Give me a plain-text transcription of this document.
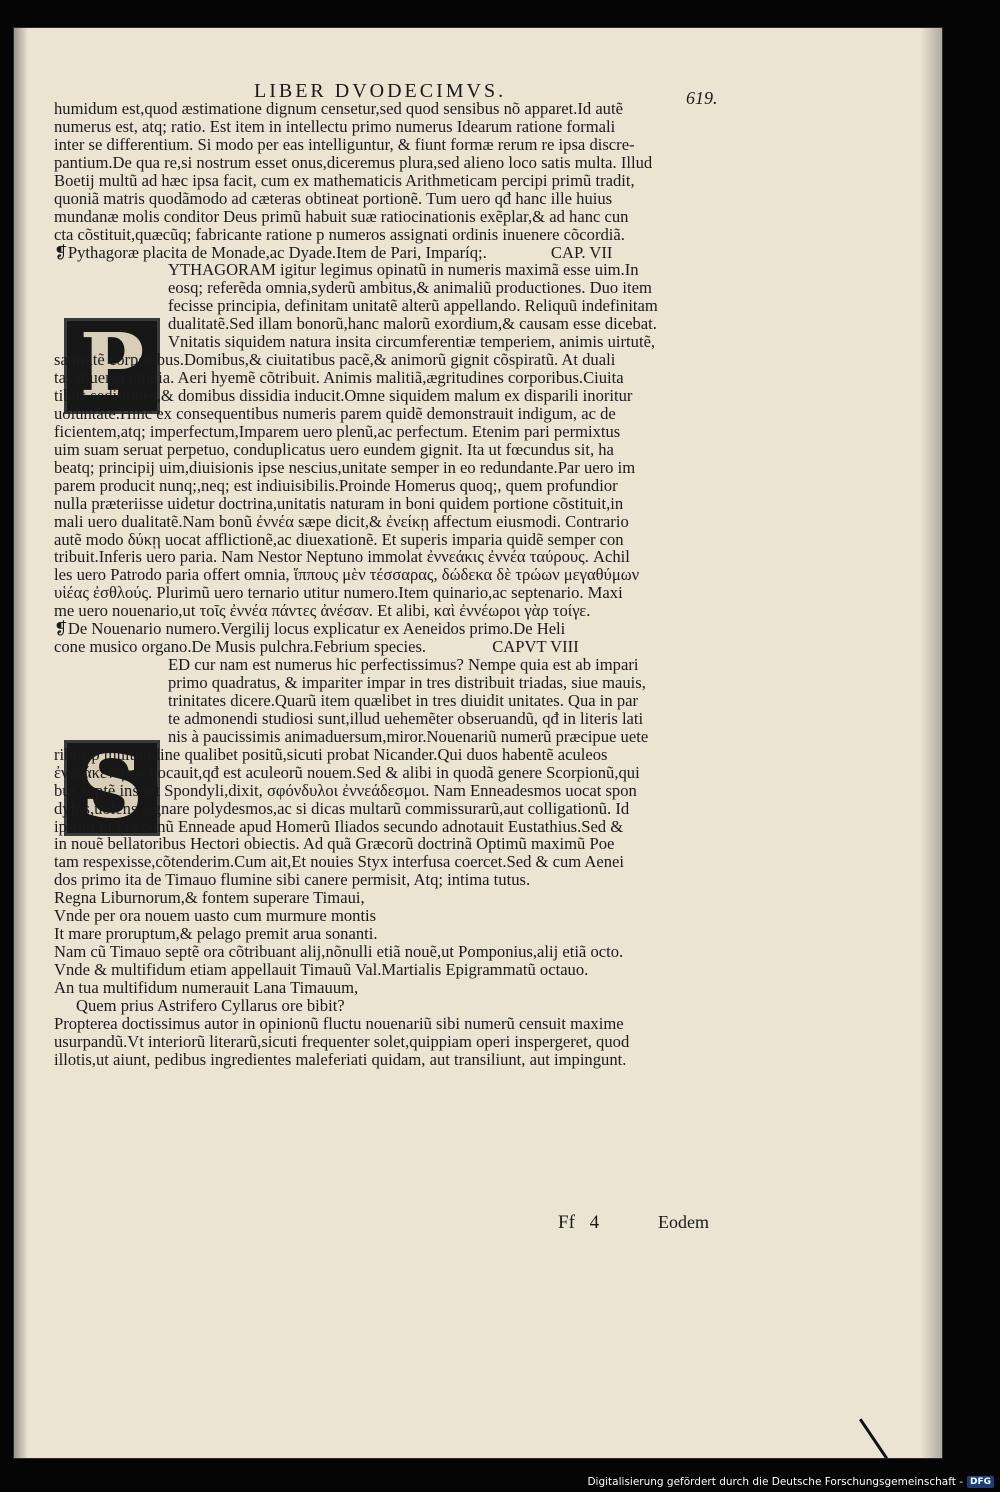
LIBER DVODECIMVS.	619.
P
S
humidum est,quod æstimatione dignum censetur,sed quod sensibus nõ apparet.Id autẽ
numerus est, atq; ratio. Est item in intellectu primo numerus Idearum ratione formali
inter se differentium. Si modo per eas intelliguntur, & fiunt formæ rerum re ipsa discre-
pantium.De qua re,si nostrum esset onus,diceremus plura,sed alieno loco satis multa. Illud
Boetij multũ ad hæc ipsa facit, cum ex mathematicis Arithmeticam percipi primũ tradit,
quoniã matris quodãmodo ad cæteras obtineat portionẽ. Tum uero qđ hanc ille huius
mundanæ molis conditor Deus primũ habuit suæ ratiocinationis exẽplar,& ad hanc cun
cta cõstituit,quæcũq; fabricante ratione p numeros assignati ordinis inuenere cõcordiã.
❡Pythagoræ placita de Monade,ac Dyade.Item de Pari, Imparíq;.	CAP. VII
YTHAGORAM igitur legimus opinatũ in numeris maximã esse uim.In
eosq; referẽda omnia,syderũ ambitus,& animaliũ productiones. Duo item
fecisse principia, definitam unitatẽ alterũ appellando. Reliquũ indefinitam
dualitatẽ.Sed illam bonorũ,hanc malorũ exordium,& causam esse dicebat.
Vnitatis siquidem natura insita circumferentiæ temperiem, animis uirtutẽ,
sanitatẽ corporibus.Domibus,& ciuitatibus pacẽ,& animorũ gignit cõspiratũ. At duali
tas diuersa omnia. Aeri hyemẽ cõtribuit. Animis malitiã,ægritudines corporibus.Ciuita
tibus seditiones,& domibus dissidia inducit.Omne siquidem malum ex disparili inoritur
uoluntate.Hinc ex consequentibus numeris parem quidẽ demonstrauit indigum, ac de
ficientem,atq; imperfectum,Imparem uero plenũ,ac perfectum. Etenim pari permixtus
uim suam seruat perpetuo, conduplicatus uero eundem gignit. Ita ut fœcundus sit, ha
beatq; principij uim,diuisionis ipse nescius,unitate semper in eo redundante.Par uero im
parem producit nunq;,neq; est indiuisibilis.Proinde Homerus quoq;, quem profundior
nulla præteriisse uidetur doctrina,unitatis naturam in boni quidem portione cõstituit,in
mali uero dualitatẽ.Nam bonũ ἐννέα sæpe dicit,& ἐνείκῃ affectum eiusmodi. Contrario
autẽ modo δύκῃ uocat afflictionẽ,ac diuexationẽ. Et superis imparia quidẽ semper con
tribuit.Inferis uero paria. Nam Nestor Neptuno immolat ἐννεάκις ἐννέα ταύρους. Achil
les uero Patrodo paria offert omnia, ἵππους μὲν τέσσαρας, δώδεκα δὲ τρώων μεγαθύμων
υἱέας ἐσθλούς. Plurimũ uero ternario utitur numero.Item quinario,ac septenario. Maxi
me uero nouenario,ut τοῖς ἐννέα πάντες ἀνέσαν. Et alibi, καὶ ἐννέωροι γὰρ τοίγε.
❡De Nouenario numero.Vergilij locus explicatur ex Aeneidos primo.De Heli
cone musico organo.De Musis pulchra.Febrium species.	CAPVT VIII
ED cur nam est numerus hic perfectissimus? Nempe quia est ab impari
primo quadratus, & impariter impar in tres distribuit triadas, siue mauis,
trinitates dicere.Quarũ item quælibet in tres diuidit unitates. Qua in par
te admonendi studiosi sunt,illud uehemẽter obseruandũ, qđ in literis lati
nis à paucissimis animaduersum,miror.Nouenariũ numerũ præcipue uete
ribus p multitudine qualibet positũ,sicuti probat Nicander.Qui duos habentẽ aculeos
ἐννεάκεντρον uocauit,qđ est aculeorũ nouem.Sed & alibi in quodã genere Scorpionũ,qui
bus septẽ insunt Spondyli,dixit, σφόνδυλοι ἐννεάδεσμοι. Nam Enneadesmos uocat spon
dylos,uolens signare polydesmos,ac si dicas multarũ commissurarũ,aut colligationũ. Id
ipsum in Præconũ Enneade apud Homerũ Iliados secundo adnotauit Eustathius.Sed &
in nouẽ bellatoribus Hectori obiectis. Ad quã Græcorũ doctrinã Optimũ maximũ Poe
tam respexisse,cõtenderim.Cum ait,Et nouies Styx interfusa coercet.Sed & cum Aenei
dos primo ita de Timauo flumine sibi canere permisit, Atq; intima tutus.
Regna Liburnorum,& fontem superare Timaui,
Vnde per ora nouem uasto cum murmure montis
It mare proruptum,& pelago premit arua sonanti.
Nam cũ Timauo septẽ ora cõtribuant alij,nõnulli etiã nouẽ,ut Pomponius,alij etiã octo.
Vnde & multifidum etiam appellauit Timauũ Val.Martialis Epigrammatũ octauo.
An tua multifidum numerauit Lana Timauum,
Quem prius Astrifero Cyllarus ore bibit?
Propterea doctissimus autor in opinionũ fluctu nouenariũ sibi numerũ censuit maxime
usurpandũ.Vt interiorũ literarũ,sicuti frequenter solet,quippiam operi inspergeret, quod
illotis,ut aiunt, pedibus ingredientes maleferiati quidam, aut transiliunt, aut impingunt.
Ff 4	Eodem
Digitalisierung gefördert durch die Deutsche Forschungsgemeinschaft - DFG
